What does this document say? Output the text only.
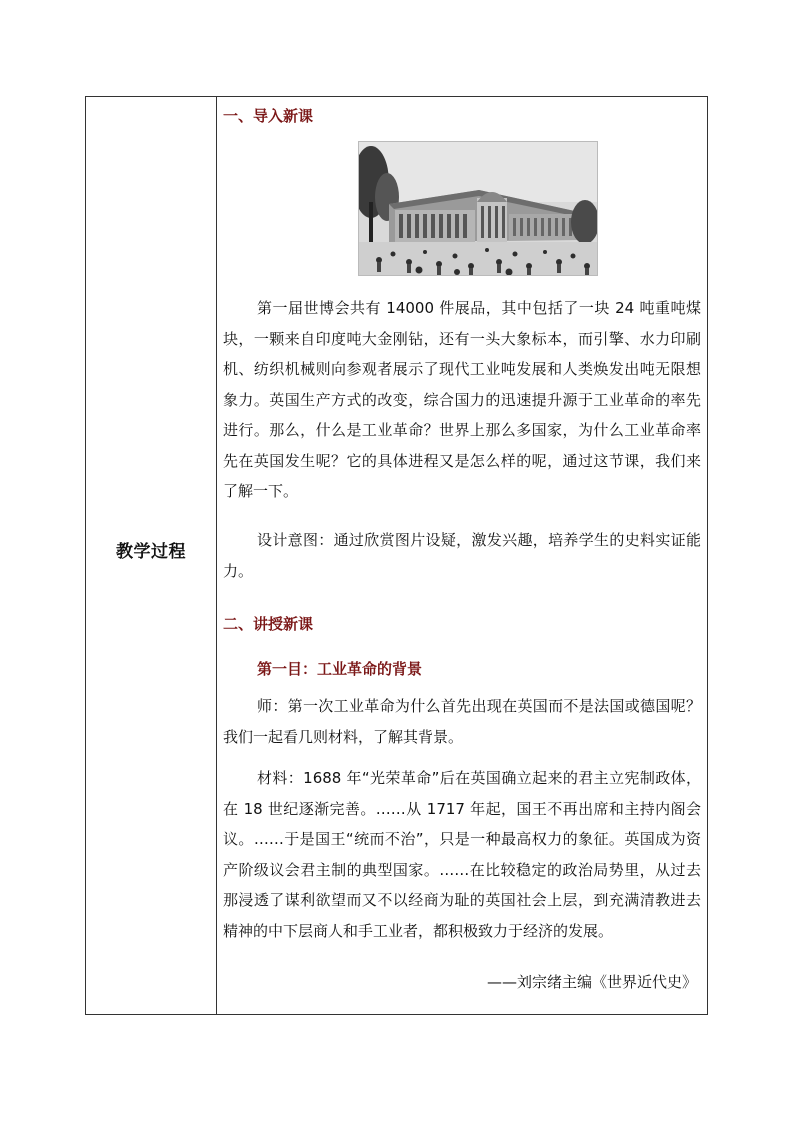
教学过程
一、导入新课
第一届世博会共有 14000 件展品，其中包括了一块 24 吨重吨煤块，一颗来自印度吨大金刚钻，还有一头大象标本，而引擎、水力印刷机、纺织机械则向参观者展示了现代工业吨发展和人类焕发出吨无限想象力。英国生产方式的改变，综合国力的迅速提升源于工业革命的率先进行。那么，什么是工业革命？世界上那么多国家，为什么工业革命率先在英国发生呢？它的具体进程又是怎么样的呢，通过这节课，我们来了解一下。
设计意图：通过欣赏图片设疑，激发兴趣，培养学生的史料实证能力。
二、讲授新课
第一目：工业革命的背景
师：第一次工业革命为什么首先出现在英国而不是法国或德国呢？我们一起看几则材料，了解其背景。
材料：1688 年“光荣革命”后在英国确立起来的君主立宪制政体，在 18 世纪逐渐完善。……从 1717 年起，国王不再出席和主持内阁会议。……于是国王“统而不治”，只是一种最高权力的象征。英国成为资产阶级议会君主制的典型国家。……在比较稳定的政治局势里，从过去那浸透了谋利欲望而又不以经商为耻的英国社会上层，到充满清教进去精神的中下层商人和手工业者，都积极致力于经济的发展。
——刘宗绪主编《世界近代史》
